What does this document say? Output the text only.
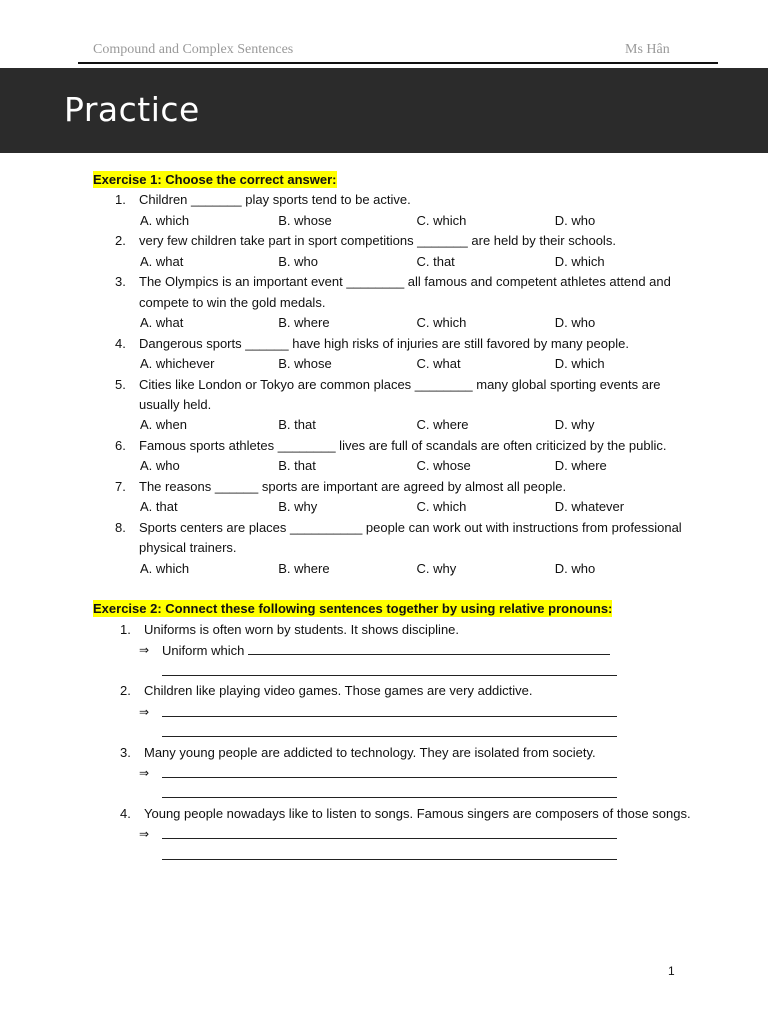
Compound and Complex Sentences	Ms Hân
Practice
Exercise 1: Choose the correct answer:
1. Children _______ play sports tend to be active.
A. which	B. whose	C. which	D. who
2. very few children take part in sport competitions _______ are held by their schools.
A. what	B. who	C. that	D. which
3. The Olympics is an important event ________ all famous and competent athletes attend and compete to win the gold medals.
A. what	B. where	C. which	D. who
4. Dangerous sports ______ have high risks of injuries are still favored by many people.
A. whichever	B. whose	C. what	D. which
5. Cities like London or Tokyo are common places ________ many global sporting events are usually held.
A. when	B. that	C. where	D. why
6. Famous sports athletes ________ lives are full of scandals are often criticized by the public.
A. who	B. that	C. whose	D. where
7. The reasons ______ sports are important are agreed by almost all people.
A. that	B. why	C. which	D. whatever
8. Sports centers are places __________ people can work out with instructions from professional physical trainers.
A. which	B. where	C. why	D. who
Exercise 2: Connect these following sentences together by using relative pronouns:
1. Uniforms is often worn by students. It shows discipline.
⇒ Uniform which
2. Children like playing video games. Those games are very addictive.
⇒
3. Many young people are addicted to technology. They are isolated from society.
⇒
4. Young people nowadays like to listen to songs. Famous singers are composers of those songs.
⇒
1
